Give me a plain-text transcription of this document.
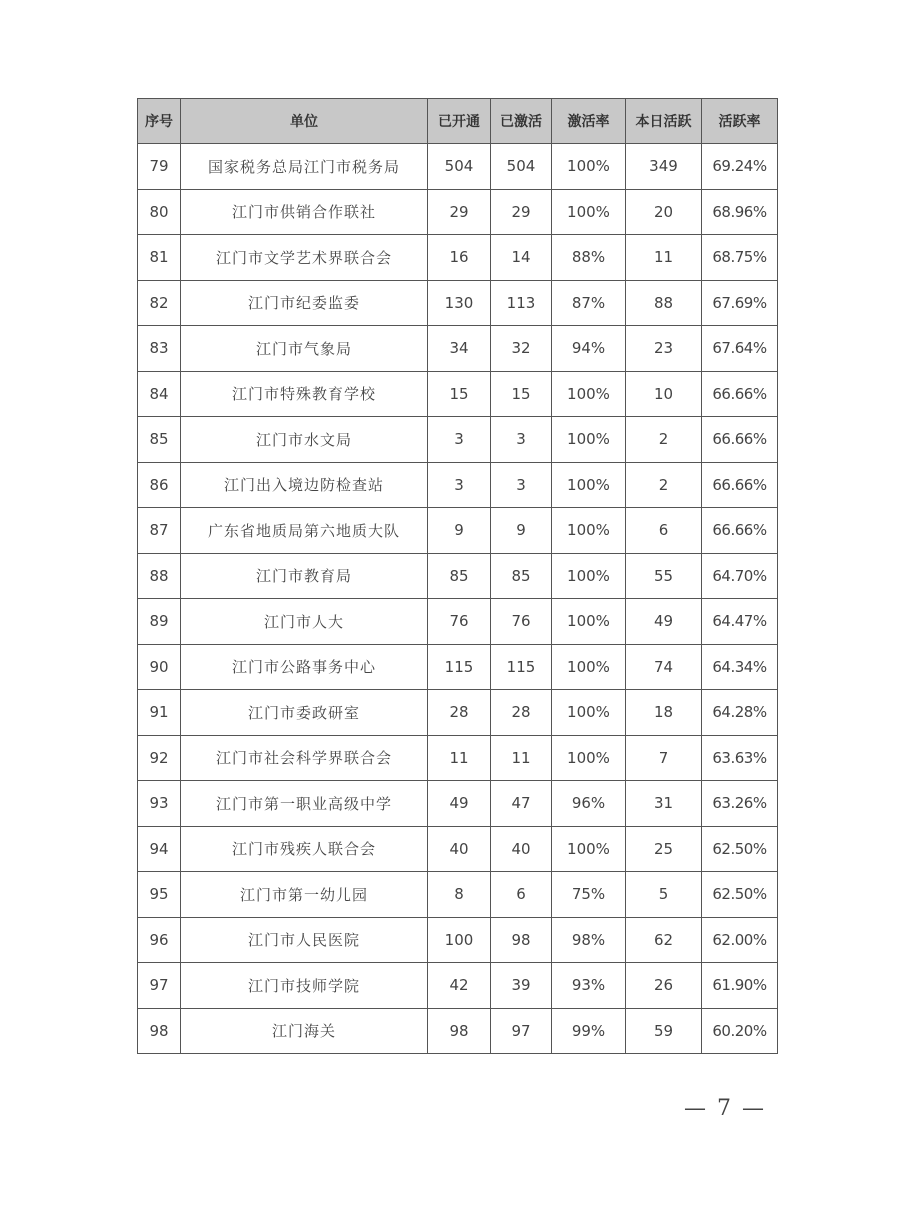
序号	单位	已开通	已激活	激活率	本日活跃	活跃率
79	国家税务总局江门市税务局	504	504	100%	349	69.24%
80	江门市供销合作联社	29	29	100%	20	68.96%
81	江门市文学艺术界联合会	16	14	88%	11	68.75%
82	江门市纪委监委	130	113	87%	88	67.69%
83	江门市气象局	34	32	94%	23	67.64%
84	江门市特殊教育学校	15	15	100%	10	66.66%
85	江门市水文局	3	3	100%	2	66.66%
86	江门出入境边防检查站	3	3	100%	2	66.66%
87	广东省地质局第六地质大队	9	9	100%	6	66.66%
88	江门市教育局	85	85	100%	55	64.70%
89	江门市人大	76	76	100%	49	64.47%
90	江门市公路事务中心	115	115	100%	74	64.34%
91	江门市委政研室	28	28	100%	18	64.28%
92	江门市社会科学界联合会	11	11	100%	7	63.63%
93	江门市第一职业高级中学	49	47	96%	31	63.26%
94	江门市残疾人联合会	40	40	100%	25	62.50%
95	江门市第一幼儿园	8	6	75%	5	62.50%
96	江门市人民医院	100	98	98%	62	62.00%
97	江门市技师学院	42	39	93%	26	61.90%
98	江门海关	98	97	99%	59	60.20%
— 7 —
